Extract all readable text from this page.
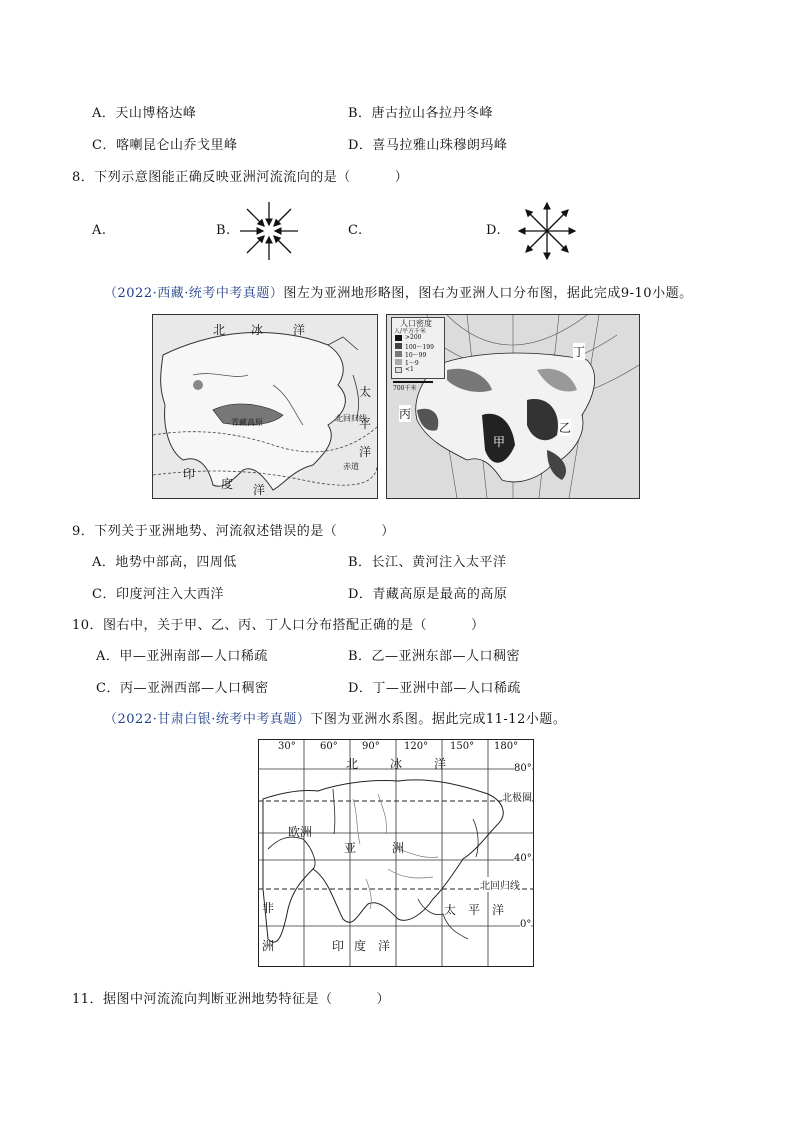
A．天山博格达峰	B．唐古拉山各拉丹冬峰
C．喀喇昆仑山乔戈里峰	D．喜马拉雅山珠穆朗玛峰
8．下列示意图能正确反映亚洲河流流向的是（	）
A.	B.	C.	D.
（2022·西藏·统考中考真题）图左为亚洲地形略图，图右为亚洲人口分布图，据此完成9-10小题。
北 冰 洋
太
平
洋
印
度 洋
青藏高原	北回归线
赤道
人口密度
人/平方千米
>200
100～199
10～99
1～9
<1
700千米
丁
丙
甲
乙
9．下列关于亚洲地势、河流叙述错误的是（	）
A．地势中部高，四周低	B．长江、黄河注入太平洋
C．印度河注入大西洋	D．青藏高原是最高的高原
10．图右中，关于甲、乙、丙、丁人口分布搭配正确的是（	）
A．甲—亚洲南部—人口稀疏	B．乙—亚洲东部—人口稠密
C．丙—亚洲西部—人口稠密	D．丁—亚洲中部—人口稀疏
（2022·甘肃白银·统考中考真题）下图为亚洲水系图。据此完成11-12小题。
30° 60° 90° 120° 150° 180°
80°
40°
0°
北极圈
北回归线
北	冰	洋
欧洲
亚	洲
非
洲	印 度 洋
太 平 洋
11．据图中河流流向判断亚洲地势特征是（	）
